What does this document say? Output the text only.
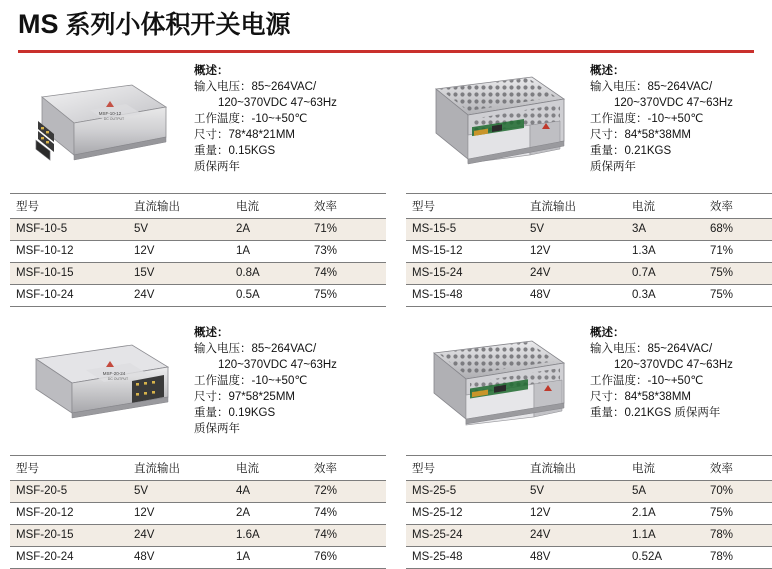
MS 系列小体积开关电源
MSF-10-12
DC OUTPUT
概述：
输入电压：85~264VAC/
120~370VDC 47~63Hz
工作温度：-10~+50℃
尺寸：78*48*21MM
重量：0.15KGS
质保两年
型号	直流输出	电流	效率
MSF-10-5	5V	2A	71%
MSF-10-12	12V	1A	73%
MSF-10-15	15V	0.8A	74%
MSF-10-24	24V	0.5A	75%
概述：
输入电压：85~264VAC/
120~370VDC 47~63Hz
工作温度：-10~+50℃
尺寸：84*58*38MM
重量：0.21KGS
质保两年
型号	直流输出	电流	效率
MS-15-5	5V	3A	68%
MS-15-12	12V	1.3A	71%
MS-15-24	24V	0.7A	75%
MS-15-48	48V	0.3A	75%
MSF-20-24
DC OUTPUT
概述：
输入电压：85~264VAC/
120~370VDC 47~63Hz
工作温度：-10~+50℃
尺寸：97*58*25MM
重量：0.19KGS
质保两年
型号	直流输出	电流	效率
MSF-20-5	5V	4A	72%
MSF-20-12	12V	2A	74%
MSF-20-15	24V	1.6A	74%
MSF-20-24	48V	1A	76%
概述：
输入电压：85~264VAC/
120~370VDC 47~63Hz
工作温度：-10~+50℃
尺寸：84*58*38MM
重量：0.21KGS 质保两年
型号	直流输出	电流	效率
MS-25-5	5V	5A	70%
MS-25-12	12V	2.1A	75%
MS-25-24	24V	1.1A	78%
MS-25-48	48V	0.52A	78%
